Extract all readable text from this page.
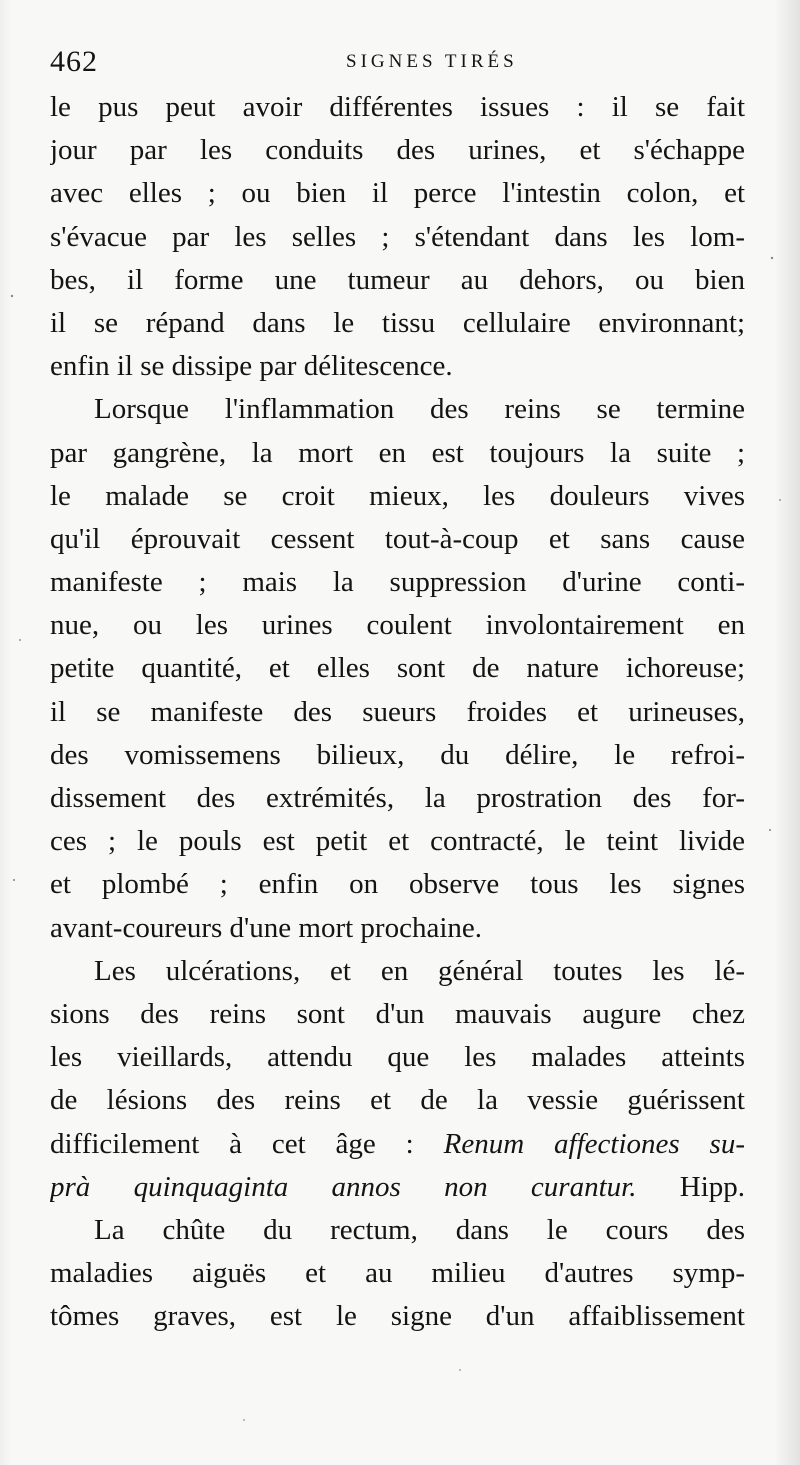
462	SIGNES TIRÉS
le pus peut avoir différentes issues : il se fait
jour par les conduits des urines, et s'échappe
avec elles ; ou bien il perce l'intestin colon, et
s'évacue par les selles ; s'étendant dans les lom-
bes, il forme une tumeur au dehors, ou bien
il se répand dans le tissu cellulaire environnant;
enfin il se dissipe par délitescence.
Lorsque l'inflammation des reins se termine
par gangrène, la mort en est toujours la suite ;
le malade se croit mieux, les douleurs vives
qu'il éprouvait cessent tout-à-coup et sans cause
manifeste ; mais la suppression d'urine conti-
nue, ou les urines coulent involontairement en
petite quantité, et elles sont de nature ichoreuse;
il se manifeste des sueurs froides et urineuses,
des vomissemens bilieux, du délire, le refroi-
dissement des extrémités, la prostration des for-
ces ; le pouls est petit et contracté, le teint livide
et plombé ; enfin on observe tous les signes
avant-coureurs d'une mort prochaine.
Les ulcérations, et en général toutes les lé-
sions des reins sont d'un mauvais augure chez
les vieillards, attendu que les malades atteints
de lésions des reins et de la vessie guérissent
difficilement à cet âge : Renum affectiones su-
prà quinquaginta annos non curantur. Hipp.
La chûte du rectum, dans le cours des
maladies aiguës et au milieu d'autres symp-
tômes graves, est le signe d'un affaiblissement
